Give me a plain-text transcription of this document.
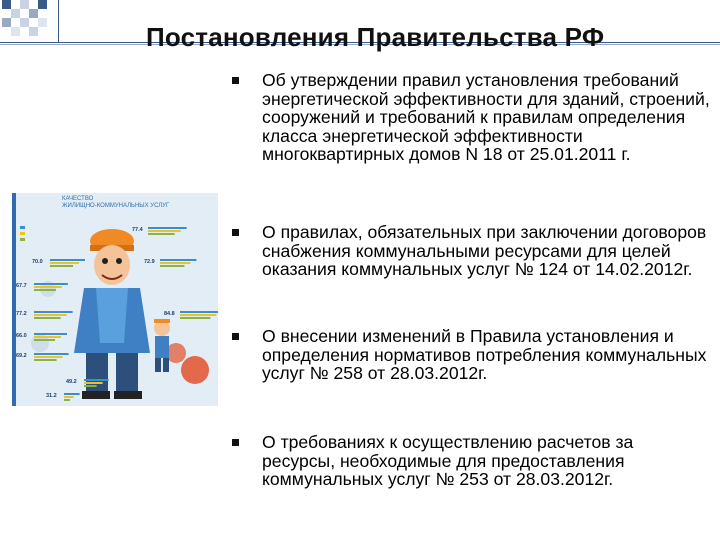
Постановления Правительства РФ
КАЧЕСТВО
ЖИЛИЩНО-КОММУНАЛЬНЫХ УСЛУГ
77.4
70.0	72.9
67.7
77.2	84.8
66.0
69.2
49.2
31.2
Об утверждении правил установления требований энергетической эффективности для зданий, строений, сооружений и требований к правилам определения класса энергетической эффективности многоквартирных домов N 18 от 25.01.2011 г.
О правилах, обязательных при заключении договоров снабжения коммунальными ресурсами для целей оказания коммунальных услуг № 124 от 14.02.2012г.
О внесении изменений в Правила установления и определения нормативов потребления коммунальных услуг № 258 от 28.03.2012г.
О требованиях к осуществлению расчетов за ресурсы, необходимые для предоставления коммунальных услуг № 253 от 28.03.2012г.
